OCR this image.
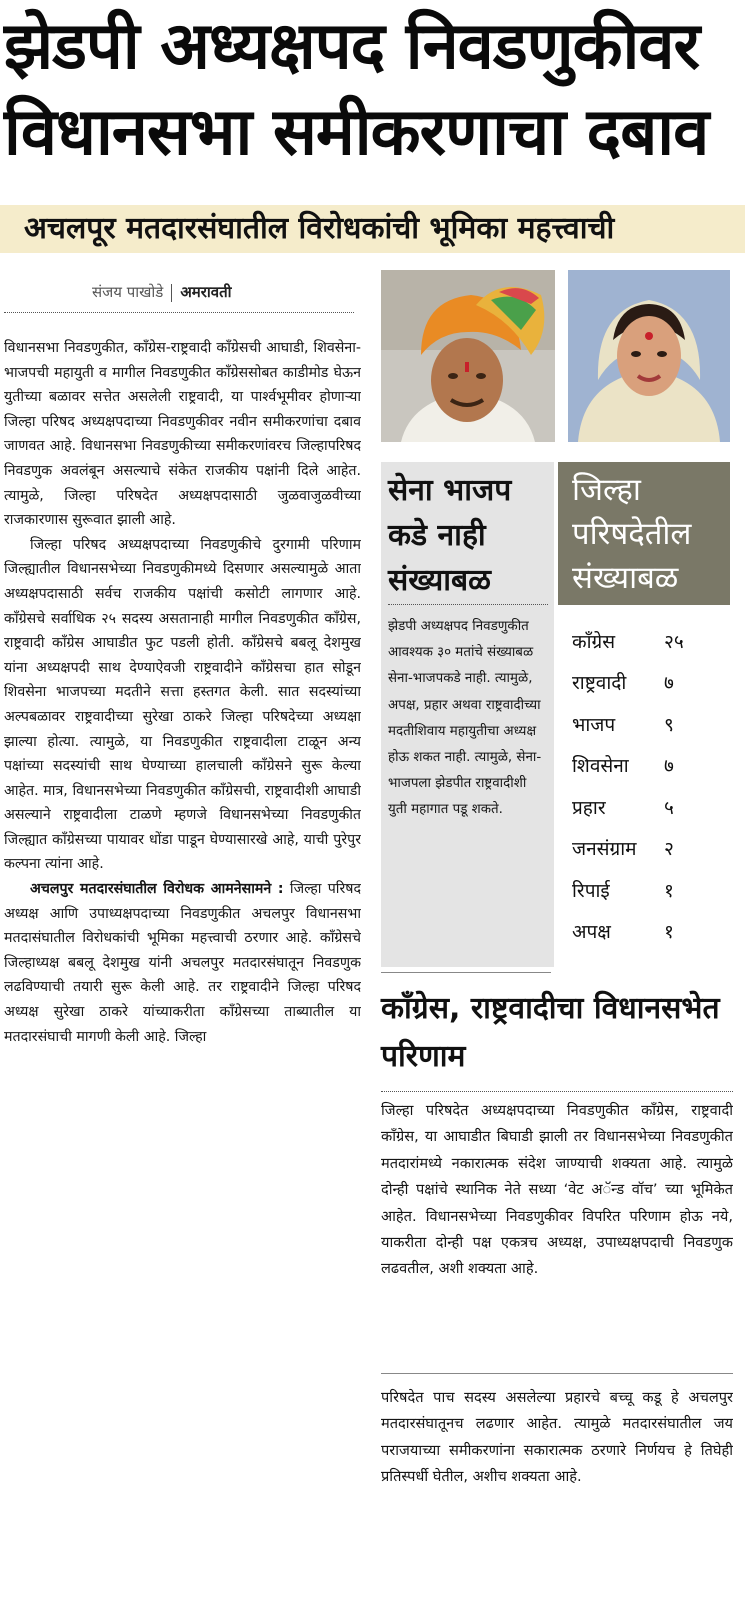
झेडपी अध्यक्षपद निवडणुकीवर
विधानसभा समीकरणाचा दबाव
अचलपूर मतदारसंघातील विरोधकांची भूमिका महत्त्वाची
संजय पाखोडे अमरावती

विधानसभा निवडणुकीत, काँग्रेस-राष्ट्रवादी काँग्रेसची आघाडी, शिवसेना-भाजपची महायुती व मागील निवडणुकीत काँग्रेससोबत काडीमोड घेऊन युतीच्या बळावर सत्तेत असलेली राष्ट्रवादी, या पार्श्वभूमीवर होणाऱ्या जिल्हा परिषद अध्यक्षपदाच्या निवडणुकीवर नवीन समीकरणांचा दबाव जाणवत आहे. विधानसभा निवडणुकीच्या समीकरणांवरच जिल्हापरिषद निवडणुक अवलंबून असल्याचे संकेत राजकीय पक्षांनी दिले आहेत. त्यामुळे, जिल्हा परिषदेत अध्यक्षपदासाठी जुळवाजुळवीच्या राजकारणास सुरूवात झाली आहे.

जिल्हा परिषद अध्यक्षपदाच्या निवडणुकीचे दुरगामी परिणाम जिल्ह्यातील विधानसभेच्या निवडणुकीमध्ये दिसणार असल्यामुळे आता अध्यक्षपदासाठी सर्वच राजकीय पक्षांची कसोटी लागणार आहे. काँग्रेसचे सर्वाधिक २५ सदस्य असतानाही मागील निवडणुकीत काँग्रेस, राष्ट्रवादी काँग्रेस आघाडीत फुट पडली होती. काँग्रेसचे बबलू देशमुख यांना अध्यक्षपदी साथ देण्याऐवजी राष्ट्रवादीने काँग्रेसचा हात सोडून शिवसेना भाजपच्या मदतीने सत्ता हस्तगत केली. सात सदस्यांच्या अल्पबळावर राष्ट्रवादीच्या सुरेखा ठाकरे जिल्हा परिषदेच्या अध्यक्षा झाल्या होत्या. त्यामुळे, या निवडणुकीत राष्ट्रवादीला टाळून अन्य पक्षांच्या सदस्यांची साथ घेण्याच्या हालचाली काँग्रेसने सुरू केल्या आहेत. मात्र, विधानसभेच्या निवडणुकीत काँग्रेसची, राष्ट्रवादीशी आघाडी असल्याने राष्ट्रवादीला टाळणे म्हणजे विधानसभेच्या निवडणुकीत जिल्ह्यात काँग्रेसच्या पायावर धोंडा पाडून घेण्यासारखे आहे, याची पुरेपुर कल्पना त्यांना आहे.

अचलपुर मतदारसंघातील विरोधक आमनेसामने : जिल्हा परिषद अध्यक्ष आणि उपाध्यक्षपदाच्या निवडणुकीत अचलपुर विधानसभा मतदासंघातील विरोधकांची भूमिका महत्त्वाची ठरणार आहे. काँग्रेसचे जिल्हाध्यक्ष बबलू देशमुख यांनी अचलपुर मतदारसंघातून निवडणुक लढविण्याची तयारी सुरू केली आहे. तर राष्ट्रवादीने जिल्हा परिषद अध्यक्ष सुरेखा ठाकरे यांच्याकरीता काँग्रेसच्या ताब्यातील या मतदारसंघाची मागणी केली आहे. जिल्हा

सेना भाजप कडे नाही संख्याबळ
झेडपी अध्यक्षपद निवडणुकीत आवश्यक ३० मतांचे संख्याबळ सेना-भाजपकडे नाही. त्यामुळे, अपक्ष, प्रहार अथवा राष्ट्रवादीच्या मदतीशिवाय महायुतीचा अध्यक्ष होऊ शकत नाही. त्यामुळे, सेना-भाजपला झेडपीत राष्ट्रवादीशी युती महागात पडू शकते.
जिल्हा परिषदेतील संख्याबळ
काँग्रेस	२५
राष्ट्रवादी	७
भाजप	९
शिवसेना	७
प्रहार	५
जनसंग्राम	२
रिपाई	१
अपक्ष	१
काँग्रेस, राष्ट्रवादीचा विधानसभेत परिणाम
जिल्हा परिषदेत अध्यक्षपदाच्या निवडणुकीत काँग्रेस, राष्ट्रवादी काँग्रेस, या आघाडीत बिघाडी झाली तर विधानसभेच्या निवडणुकीत मतदारांमध्ये नकारात्मक संदेश जाण्याची शक्यता आहे. त्यामुळे दोन्ही पक्षांचे स्थानिक नेते सध्या ‘वेट अॅन्ड वॉच’ च्या भूमिकेत आहेत. विधानसभेच्या निवडणुकीवर विपरित परिणाम होऊ नये, याकरीता दोन्ही पक्ष एकत्रच अध्यक्ष, उपाध्यक्षपदाची निवडणुक लढवतील, अशी शक्यता आहे.
परिषदेत पाच सदस्य असलेल्या प्रहारचे बच्चू कडू हे अचलपुर मतदारसंघातूनच लढणार आहेत. त्यामुळे मतदारसंघातील जय पराजयाच्या समीकरणांना सकारात्मक ठरणारे निर्णयच हे तिघेही प्रतिस्पर्धी घेतील, अशीच शक्यता आहे.
